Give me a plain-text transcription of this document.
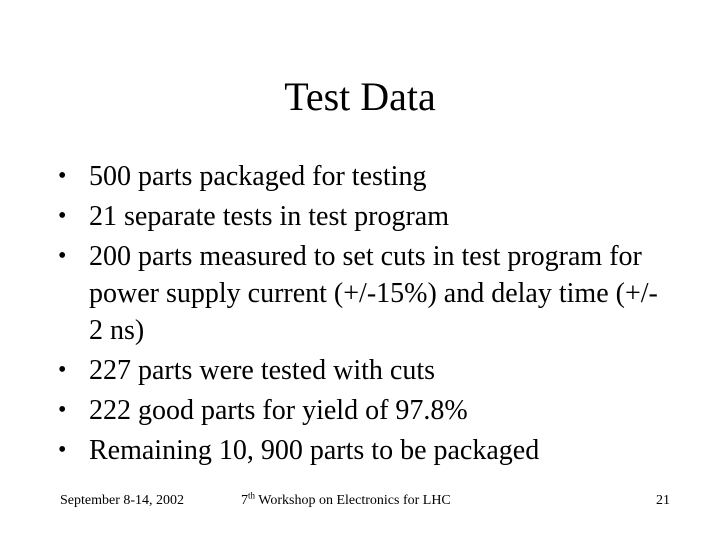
Test Data
• 500 parts packaged for testing
• 21 separate tests in test program
• 200 parts measured to set cuts in test program for power supply current (+/-15%) and delay time (+/- 2 ns)
• 227 parts were tested with cuts
• 222 good parts for yield of 97.8%
• Remaining 10, 900 parts to be packaged

September 8-14, 2002	7th Workshop on Electronics for LHC	21
